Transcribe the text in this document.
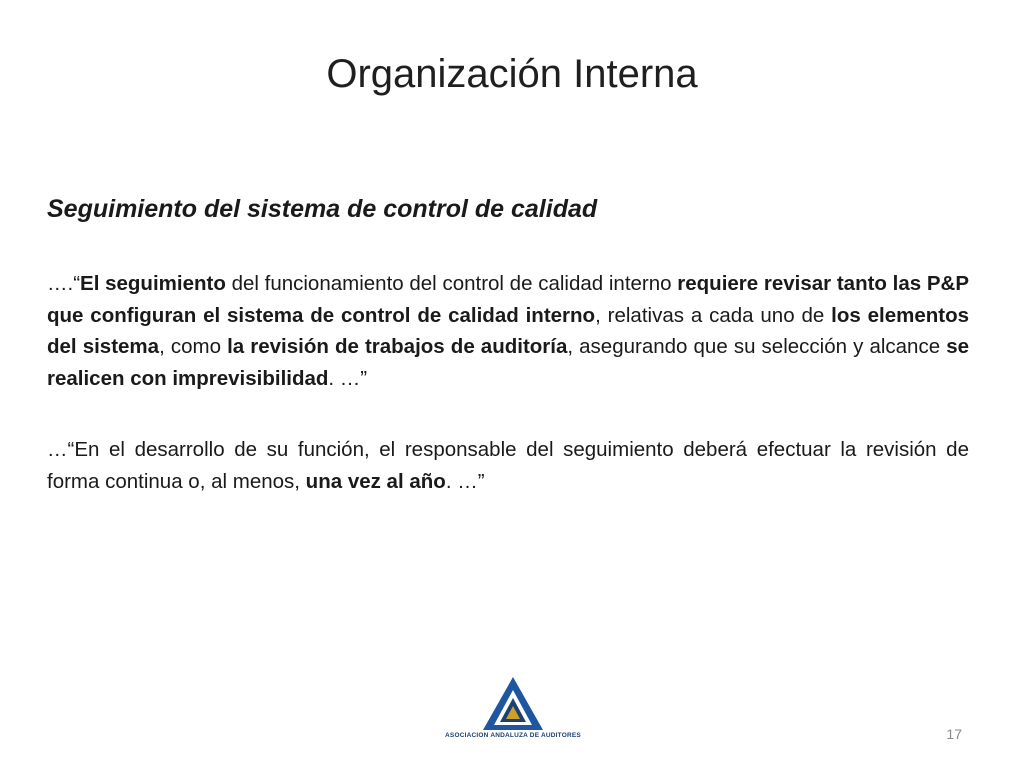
Organización Interna
Seguimiento del sistema de control de calidad

….“El seguimiento del funcionamiento del control de calidad interno requiere revisar tanto las P&P que configuran el sistema de control de calidad interno, relativas a cada uno de los elementos del sistema, como la revisión de trabajos de auditoría, asegurando que su selección y alcance se realicen con imprevisibilidad. …”

…“En el desarrollo de su función, el responsable del seguimiento deberá efectuar la revisión de forma continua o, al menos, una vez al año. …”

ASOCIACION ANDALUZA DE AUDITORES	17
